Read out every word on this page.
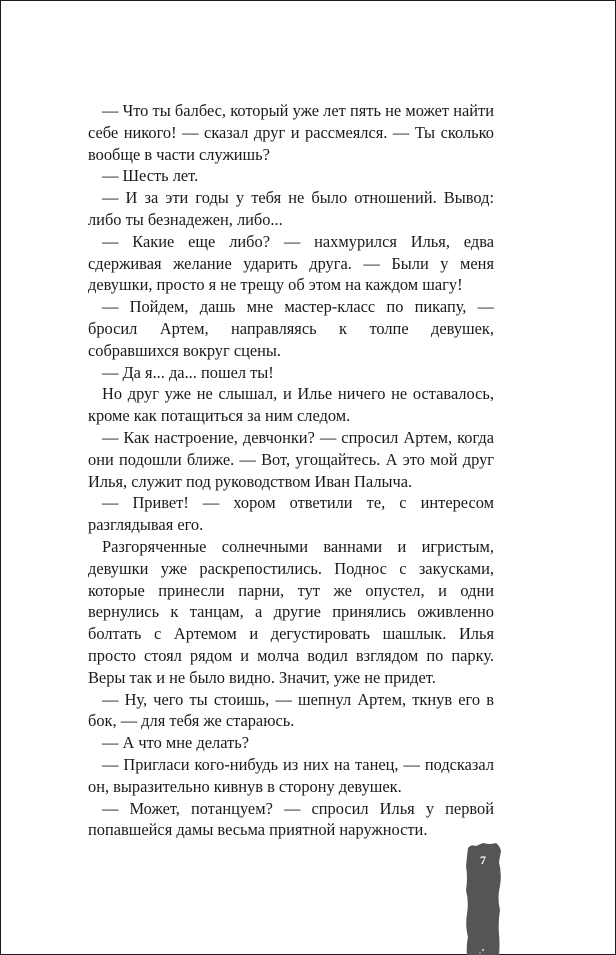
— Что ты балбес, который уже лет пять не может найти себе никого! — сказал друг и рассмеялся. — Ты сколько вообще в части служишь?

— Шесть лет.

— И за эти годы у тебя не было отношений. Вывод: либо ты безнадежен, либо...

— Какие еще либо? — нахмурился Илья, едва сдерживая желание ударить друга. — Были у меня девушки, просто я не трещу об этом на каждом шагу!

— Пойдем, дашь мне мастер-класс по пикапу, — бросил Артем, направляясь к толпе девушек, собравшихся вокруг сцены.

— Да я... да... пошел ты!

Но друг уже не слышал, и Илье ничего не оставалось, кроме как потащиться за ним следом.

— Как настроение, девчонки? — спросил Артем, когда они подошли ближе. — Вот, угощайтесь. А это мой друг Илья, служит под руководством Иван Палыча.

— Привет! — хором ответили те, с интересом разглядывая его.

Разгоряченные солнечными ваннами и игристым, девушки уже раскрепостились. Поднос с закусками, которые принесли парни, тут же опустел, и одни вернулись к танцам, а другие принялись оживленно болтать с Артемом и дегустировать шашлык. Илья просто стоял рядом и молча водил взглядом по парку. Веры так и не было видно. Значит, уже не придет.

— Ну, чего ты стоишь, — шепнул Артем, ткнув его в бок, — для тебя же стараюсь.

— А что мне делать?

— Пригласи кого-нибудь из них на танец, — подсказал он, выразительно кивнув в сторону девушек.

— Может, потанцуем? — спросил Илья у первой попавшейся дамы весьма приятной наружности.

7
